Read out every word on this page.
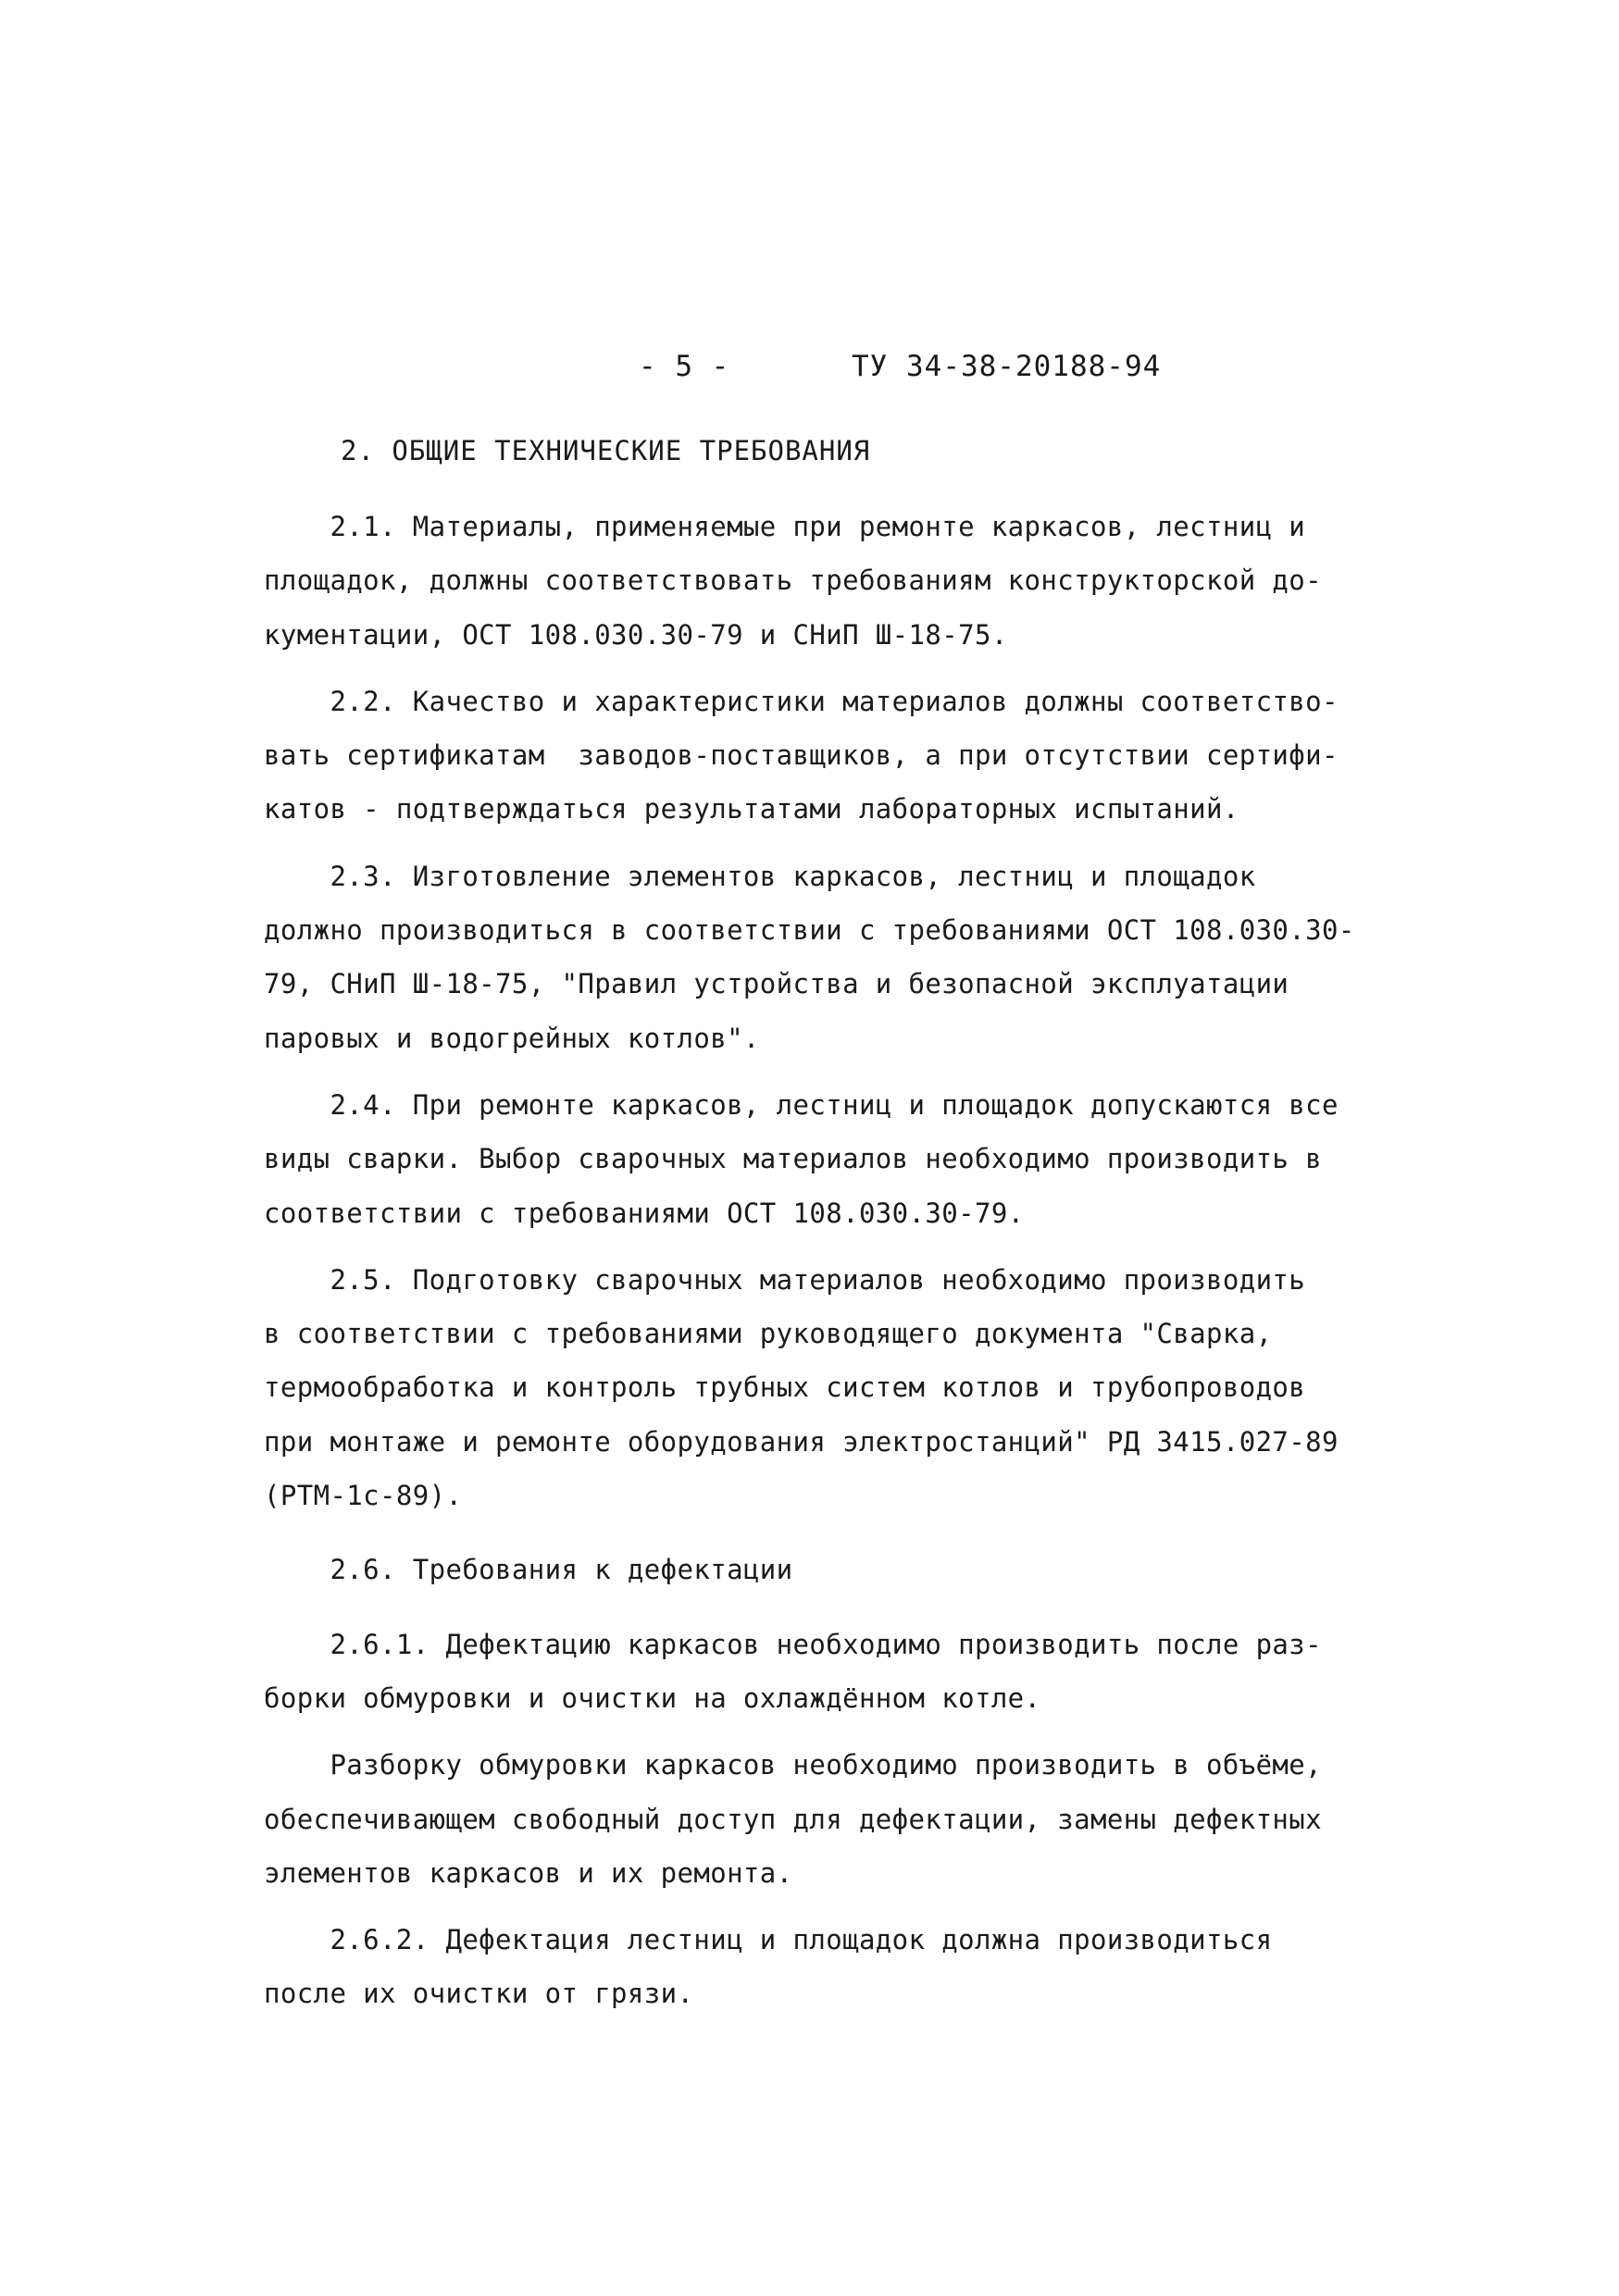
- 5 -	ТУ 34-38-20188-94
2. ОБЩИЕ ТЕХНИЧЕСКИЕ ТРЕБОВАНИЯ
2.1. Материалы, применяемые при ремонте каркасов, лестниц и
площадок, должны соответствовать требованиям конструкторской до-
кументации, ОСТ 108.030.30-79 и СНиП Ш-18-75.
2.2. Качество и характеристики материалов должны соответство-
вать сертификатам  заводов-поставщиков, а при отсутствии сертифи-
катов - подтверждаться результатами лабораторных испытаний.
2.3. Изготовление элементов каркасов, лестниц и площадок
должно производиться в соответствии с требованиями ОСТ 108.030.30-
79, СНиП Ш-18-75, "Правил устройства и безопасной эксплуатации
паровых и водогрейных котлов".
2.4. При ремонте каркасов, лестниц и площадок допускаются все
виды сварки. Выбор сварочных материалов необходимо производить в
соответствии с требованиями ОСТ 108.030.30-79.
2.5. Подготовку сварочных материалов необходимо производить
в соответствии с требованиями руководящего документа "Сварка,
термообработка и контроль трубных систем котлов и трубопроводов
при монтаже и ремонте оборудования электростанций" РД 3415.027-89
(РТМ-1с-89).
2.6. Требования к дефектации
2.6.1. Дефектацию каркасов необходимо производить после раз-
борки обмуровки и очистки на охлаждённом котле.
Разборку обмуровки каркасов необходимо производить в объёме,
обеспечивающем свободный доступ для дефектации, замены дефектных
элементов каркасов и их ремонта.
2.6.2. Дефектация лестниц и площадок должна производиться
после их очистки от грязи.
